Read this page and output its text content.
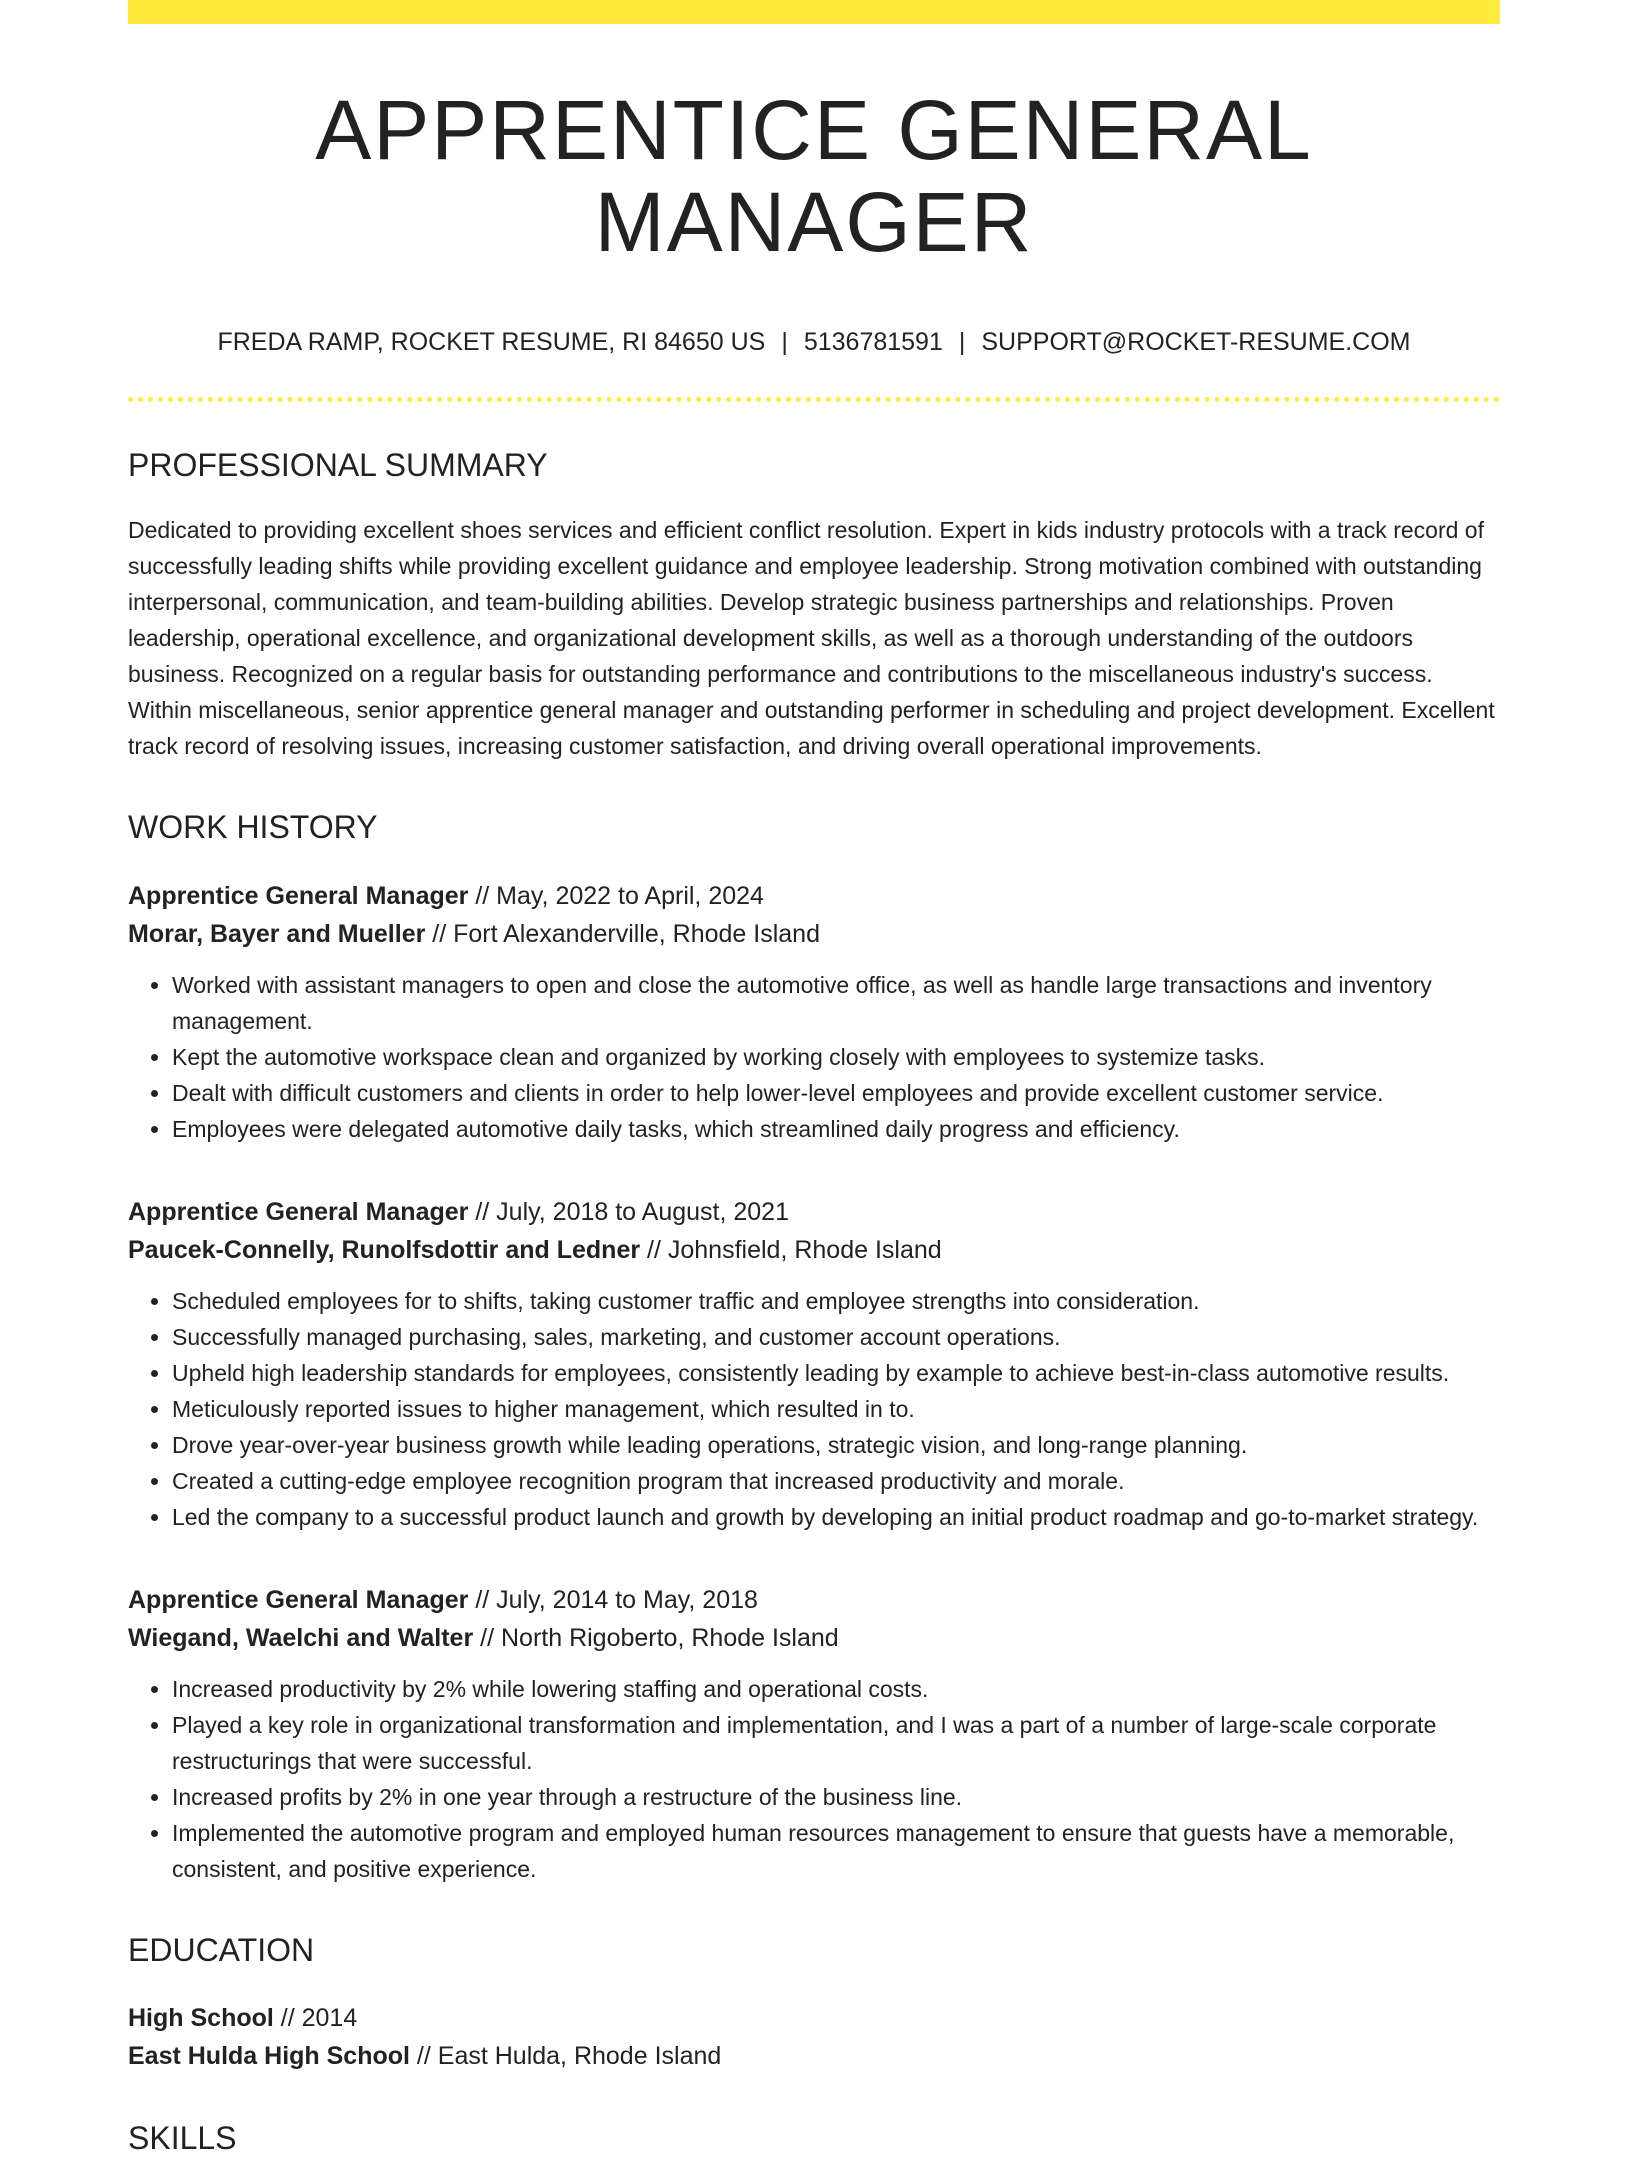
APPRENTICE GENERAL MANAGER
FREDA RAMP, ROCKET RESUME, RI 84650 US | 5136781591 | SUPPORT@ROCKET-RESUME.COM
PROFESSIONAL SUMMARY

Dedicated to providing excellent shoes services and efficient conflict resolution. Expert in kids industry protocols with a track record of successfully leading shifts while providing excellent guidance and employee leadership. Strong motivation combined with outstanding interpersonal, communication, and team-building abilities. Develop strategic business partnerships and relationships. Proven leadership, operational excellence, and organizational development skills, as well as a thorough understanding of the outdoors business. Recognized on a regular basis for outstanding performance and contributions to the miscellaneous industry's success. Within miscellaneous, senior apprentice general manager and outstanding performer in scheduling and project development. Excellent track record of resolving issues, increasing customer satisfaction, and driving overall operational improvements.

WORK HISTORY

Apprentice General Manager // May, 2022 to April, 2024

Morar, Bayer and Mueller // Fort Alexanderville, Rhode Island

• Worked with assistant managers to open and close the automotive office, as well as handle large transactions and inventory management.
• Kept the automotive workspace clean and organized by working closely with employees to systemize tasks.
• Dealt with difficult customers and clients in order to help lower-level employees and provide excellent customer service.
• Employees were delegated automotive daily tasks, which streamlined daily progress and efficiency.

Apprentice General Manager // July, 2018 to August, 2021

Paucek-Connelly, Runolfsdottir and Ledner // Johnsfield, Rhode Island

• Scheduled employees for to shifts, taking customer traffic and employee strengths into consideration.
• Successfully managed purchasing, sales, marketing, and customer account operations.
• Upheld high leadership standards for employees, consistently leading by example to achieve best-in-class automotive results.
• Meticulously reported issues to higher management, which resulted in to.
• Drove year-over-year business growth while leading operations, strategic vision, and long-range planning.
• Created a cutting-edge employee recognition program that increased productivity and morale.
• Led the company to a successful product launch and growth by developing an initial product roadmap and go-to-market strategy.

Apprentice General Manager // July, 2014 to May, 2018

Wiegand, Waelchi and Walter // North Rigoberto, Rhode Island

• Increased productivity by 2% while lowering staffing and operational costs.
• Played a key role in organizational transformation and implementation, and I was a part of a number of large-scale corporate restructurings that were successful.
• Increased profits by 2% in one year through a restructure of the business line.
• Implemented the automotive program and employed human resources management to ensure that guests have a memorable, consistent, and positive experience.
EDUCATION

High School // 2014

East Hulda High School // East Hulda, Rhode Island

SKILLS
